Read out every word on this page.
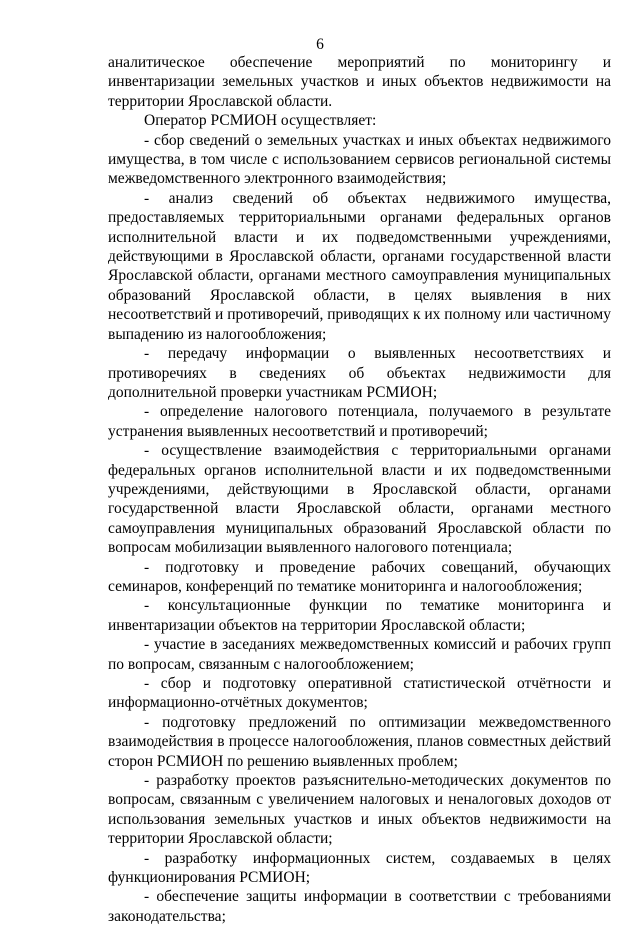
6

аналитическое обеспечение мероприятий по мониторингу и инвентаризации земельных участков и иных объектов недвижимости на территории Ярославской области.

Оператор РСМИОН осуществляет:

- сбор сведений о земельных участках и иных объектах недвижимого имущества, в том числе с использованием сервисов региональной системы межведомственного электронного взаимодействия;

- анализ сведений об объектах недвижимого имущества, предоставляемых территориальными органами федеральных органов исполнительной власти и их подведомственными учреждениями, действующими в Ярославской области, органами государственной власти Ярославской области, органами местного самоуправления муниципальных образований Ярославской области, в целях выявления в них несоответствий и противоречий, приводящих к их полному или частичному выпадению из налогообложения;

- передачу информации о выявленных несоответствиях и противоречиях в сведениях об объектах недвижимости для дополнительной проверки участникам РСМИОН;

- определение налогового потенциала, получаемого в результате устранения выявленных несоответствий и противоречий;

- осуществление взаимодействия с территориальными органами федеральных органов исполнительной власти и их подведомственными учреждениями, действующими в Ярославской области, органами государственной власти Ярославской области, органами местного самоуправления муниципальных образований Ярославской области по вопросам мобилизации выявленного налогового потенциала;

- подготовку и проведение рабочих совещаний, обучающих семинаров, конференций по тематике мониторинга и налогообложения;

- консультационные функции по тематике мониторинга и инвентаризации объектов на территории Ярославской области;

- участие в заседаниях межведомственных комиссий и рабочих групп по вопросам, связанным с налогообложением;

- сбор и подготовку оперативной статистической отчётности и информационно-отчётных документов;

- подготовку предложений по оптимизации межведомственного взаимодействия в процессе налогообложения, планов совместных действий сторон РСМИОН по решению выявленных проблем;

- разработку проектов разъяснительно-методических документов по вопросам, связанным с увеличением налоговых и неналоговых доходов от использования земельных участков и иных объектов недвижимости на территории Ярославской области;

- разработку информационных систем, создаваемых в целях функционирования РСМИОН;

- обеспечение защиты информации в соответствии с требованиями законодательства;
